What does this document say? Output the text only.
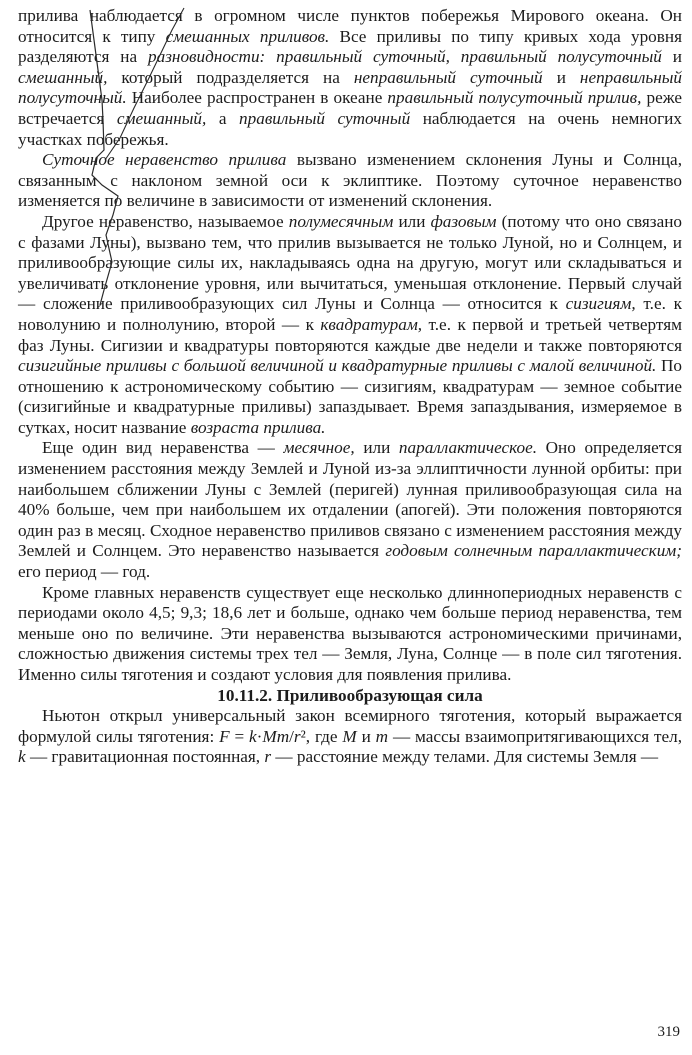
прилива наблюдается в огромном числе пунктов побережья Мирового океана. Он относится к типу смешанных приливов. Все приливы по типу кривых хода уровня разделяются на разновидности: правильный суточный, правильный полусуточный и смешанный, который подразделяется на неправильный суточный и неправильный полусуточный. Наиболее распространен в океане правильный полусуточный прилив, реже встречается смешанный, а правильный суточный наблюдается на очень немногих участках побережья.

Суточное неравенство прилива вызвано изменением склонения Луны и Солнца, связанным с наклоном земной оси к эклиптике. Поэтому суточное неравенство изменяется по величине в зависимости от изменений склонения.

Другое неравенство, называемое полумесячным или фазовым (потому что оно связано с фазами Луны), вызвано тем, что прилив вызывается не только Луной, но и Солнцем, и приливообразующие силы их, накладываясь одна на другую, могут или складываться и увеличивать отклонение уровня, или вычитаться, уменьшая отклонение. Первый случай — сложение приливообразующих сил Луны и Солнца — относится к сизигиям, т.е. к новолунию и полнолунию, второй — к квадратурам, т.е. к первой и третьей четвертям фаз Луны. Сигизии и квадратуры повторяются каждые две недели и также повторяются сизигийные приливы с большой величиной и квадратурные приливы с малой величиной. По отношению к астрономическому событию — сизигиям, квадратурам — земное событие (сизигийные и квадратурные приливы) запаздывает. Время запаздывания, измеряемое в сутках, носит название возраста прилива.

Еще один вид неравенства — месячное, или параллактическое. Оно определяется изменением расстояния между Землей и Луной из-за эллиптичности лунной орбиты: при наибольшем сближении Луны с Землей (перигей) лунная приливообразующая сила на 40% больше, чем при наибольшем их отдалении (апогей). Эти положения повторяются один раз в месяц. Сходное неравенство приливов связано с изменением расстояния между Землей и Солнцем. Это неравенство называется годовым солнечным параллактическим; его период — год.

Кроме главных неравенств существует еще несколько длиннопериодных неравенств с периодами около 4,5; 9,3; 18,6 лет и больше, однако чем больше период неравенства, тем меньше оно по величине. Эти неравенства вызываются астрономическими причинами, сложностью движения системы трех тел — Земля, Луна, Солнце — в поле сил тяготения. Именно силы тяготения и создают условия для появления прилива.

10.11.2. Приливообразующая сила

Ньютон открыл универсальный закон всемирного тяготения, который выражается формулой силы тяготения: F = k·Mm/r², где M и m — массы взаимопритягивающихся тел, k — гравитационная постоянная, r — расстояние между телами. Для системы Земля —

319
